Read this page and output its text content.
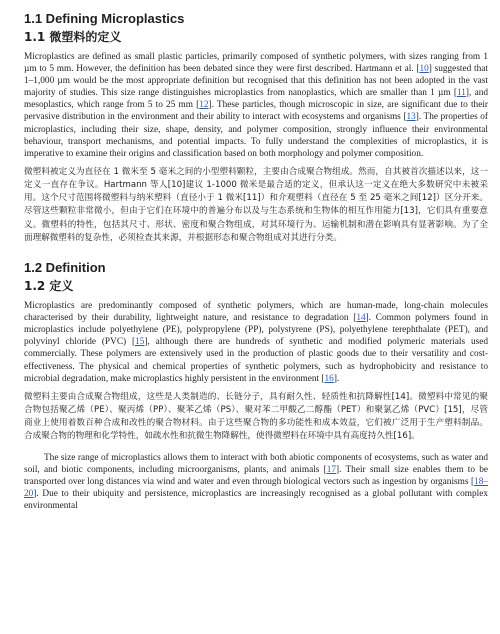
1.1 Defining Microplastics
1.1 微塑料的定义

Microplastics are defined as small plastic particles, primarily composed of synthetic polymers, with sizes ranging from 1 µm to 5 mm. However, the definition has been debated since they were first described. Hartmann et al. [10] suggested that 1–1,000 µm would be the most appropriate definition but recognised that this definition has not been adopted in the vast majority of studies. This size range distinguishes microplastics from nanoplastics, which are smaller than 1 µm [11], and mesoplastics, which range from 5 to 25 mm [12]. These particles, though microscopic in size, are significant due to their pervasive distribution in the environment and their ability to interact with ecosystems and organisms [13]. The properties of microplastics, including their size, shape, density, and polymer composition, strongly influence their environmental behaviour, transport mechanisms, and potential impacts. To fully understand the complexities of microplastics, it is imperative to examine their origins and classification based on both morphology and polymer composition.

微塑料被定义为直径在 1 微米至 5 毫米之间的小型塑料颗粒，主要由合成聚合物组成。然而，自其被首次描述以来，这一定义一直存在争议。Hartmann 等人[10]建议 1-1000 微米是最合适的定义，但承认这一定义在绝大多数研究中未被采用。这个尺寸范围将微塑料与纳米塑料（直径小于 1 微米[11]）和介观塑料（直径在 5 至 25 毫米之间[12]）区分开来。尽管这些颗粒非常微小，但由于它们在环境中的普遍分布以及与生态系统和生物体的相互作用能力[13]，它们具有重要意义。微塑料的特性，包括其尺寸、形状、密度和聚合物组成，对其环境行为、运输机制和潜在影响具有显著影响。为了全面理解微塑料的复杂性，必须检查其来源，并根据形态和聚合物组成对其进行分类。

1.2 Definition
1.2 定义

Microplastics are predominantly composed of synthetic polymers, which are human-made, long-chain molecules characterised by their durability, lightweight nature, and resistance to degradation [14]. Common polymers found in microplastics include polyethylene (PE), polypropylene (PP), polystyrene (PS), polyethylene terephthalate (PET), and polyvinyl chloride (PVC) [15], although there are hundreds of synthetic and modified polymeric materials used commercially. These polymers are extensively used in the production of plastic goods due to their versatility and cost-effectiveness. The physical and chemical properties of synthetic polymers, such as hydrophobicity and resistance to microbial degradation, make microplastics highly persistent in the environment [16].

微塑料主要由合成聚合物组成，这些是人类制造的、长链分子，具有耐久性、轻质性和抗降解性[14]。微塑料中常见的聚合物包括聚乙烯（PE）、聚丙烯（PP）、聚苯乙烯（PS）、聚对苯二甲酸乙二醇酯（PET）和聚氯乙烯（PVC）[15]，尽管商业上使用着数百种合成和改性的聚合物材料。由于这些聚合物的多功能性和成本效益，它们被广泛用于生产塑料制品。合成聚合物的物理和化学特性，如疏水性和抗微生物降解性，使得微塑料在环境中具有高度持久性[16]。

The size range of microplastics allows them to interact with both abiotic components of ecosystems, such as water and soil, and biotic components, including microorganisms, plants, and animals [17]. Their small size enables them to be transported over long distances via wind and water and even through biological vectors such as ingestion by organisms [18–20]. Due to their ubiquity and persistence, microplastics are increasingly recognised as a global pollutant with complex environmental
